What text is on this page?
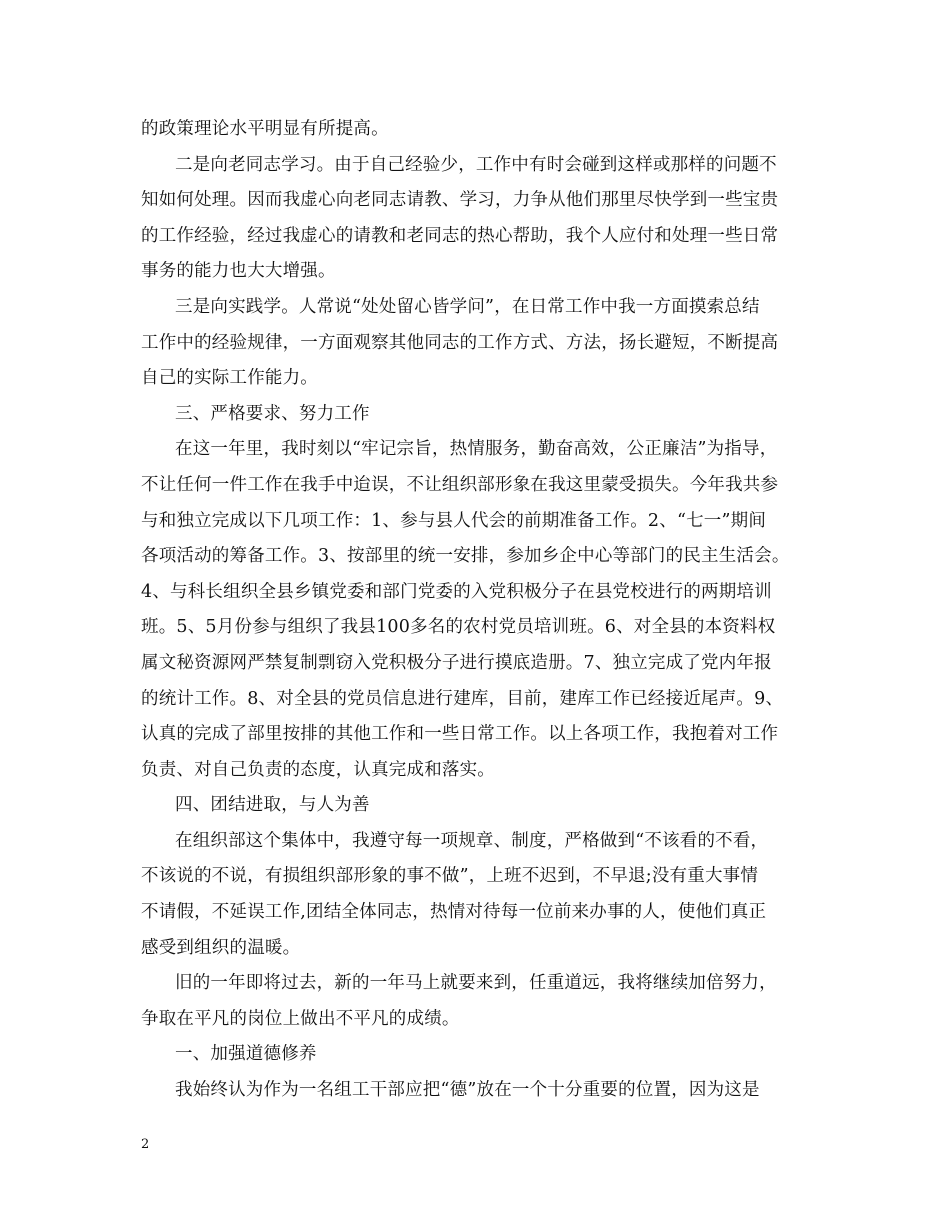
的政策理论水平明显有所提高。
二是向老同志学习。由于自己经验少，工作中有时会碰到这样或那样的问题不
知如何处理。因而我虚心向老同志请教、学习，力争从他们那里尽快学到一些宝贵
的工作经验，经过我虚心的请教和老同志的热心帮助，我个人应付和处理一些日常
事务的能力也大大增强。
三是向实践学。人常说“处处留心皆学问”，在日常工作中我一方面摸索总结
工作中的经验规律，一方面观察其他同志的工作方式、方法，扬长避短，不断提高
自己的实际工作能力。
三、严格要求、努力工作
在这一年里，我时刻以“牢记宗旨，热情服务，勤奋高效，公正廉洁”为指导，
不让任何一件工作在我手中迨误，不让组织部形象在我这里蒙受损失。今年我共参
与和独立完成以下几项工作：1、参与县人代会的前期准备工作。2、“七一”期间
各项活动的筹备工作。3、按部里的统一安排，参加乡企中心等部门的民主生活会。
4、与科长组织全县乡镇党委和部门党委的入党积极分子在县党校进行的两期培训
班。5、5月份参与组织了我县100多名的农村党员培训班。6、对全县的本资料权
属文秘资源网严禁复制剽窃入党积极分子进行摸底造册。7、独立完成了党内年报
的统计工作。8、对全县的党员信息进行建库，目前，建库工作已经接近尾声。9、
认真的完成了部里按排的其他工作和一些日常工作。以上各项工作，我抱着对工作
负责、对自己负责的态度，认真完成和落实。
四、团结进取，与人为善
在组织部这个集体中，我遵守每一项规章、制度，严格做到“不该看的不看，
不该说的不说，有损组织部形象的事不做”，上班不迟到，不早退;没有重大事情
不请假，不延误工作,团结全体同志，热情对待每一位前来办事的人，使他们真正
感受到组织的温暖。
旧的一年即将过去，新的一年马上就要来到，任重道远，我将继续加倍努力，
争取在平凡的岗位上做出不平凡的成绩。
一、加强道德修养
我始终认为作为一名组工干部应把“德”放在一个十分重要的位置，因为这是
2
